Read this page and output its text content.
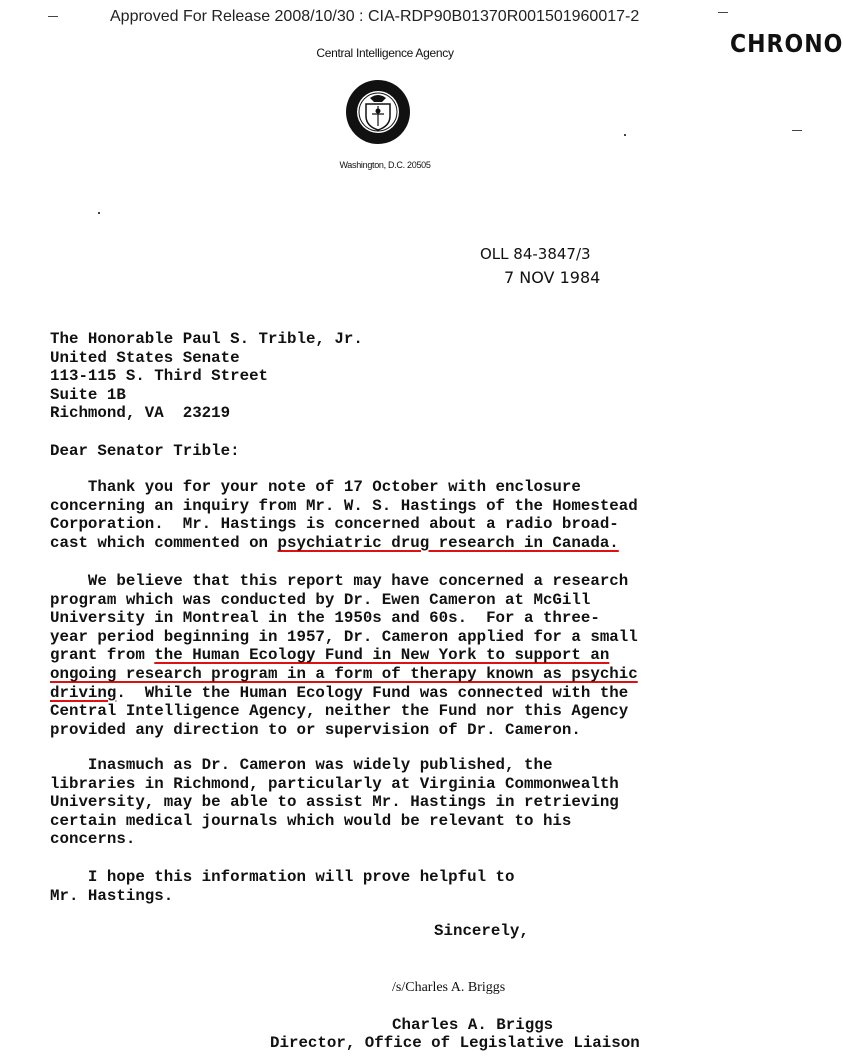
Approved For Release 2008/10/30 : CIA-RDP90B01370R001501960017-2
CHRONO
Central Intelligence Agency
Washington, D.C. 20505
OLL 84-3847/3
7 NOV 1984
The Honorable Paul S. Trible, Jr.
United States Senate
113-115 S. Third Street
Suite 1B
Richmond, VA  23219
Dear Senator Trible:
Thank you for your note of 17 October with enclosure
concerning an inquiry from Mr. W. S. Hastings of the Homestead
Corporation.  Mr. Hastings is concerned about a radio broad-
cast which commented on psychiatric drug research in Canada.
We believe that this report may have concerned a research
program which was conducted by Dr. Ewen Cameron at McGill
University in Montreal in the 1950s and 60s.  For a three-
year period beginning in 1957, Dr. Cameron applied for a small
grant from the Human Ecology Fund in New York to support an
ongoing research program in a form of therapy known as psychic
driving.  While the Human Ecology Fund was connected with the
Central Intelligence Agency, neither the Fund nor this Agency
provided any direction to or supervision of Dr. Cameron.
Inasmuch as Dr. Cameron was widely published, the
libraries in Richmond, particularly at Virginia Commonwealth
University, may be able to assist Mr. Hastings in retrieving
certain medical journals which would be relevant to his
concerns.
I hope this information will prove helpful to
Mr. Hastings.
Sincerely,
/s/Charles A. Briggs
Charles A. Briggs
Director, Office of Legislative Liaison
